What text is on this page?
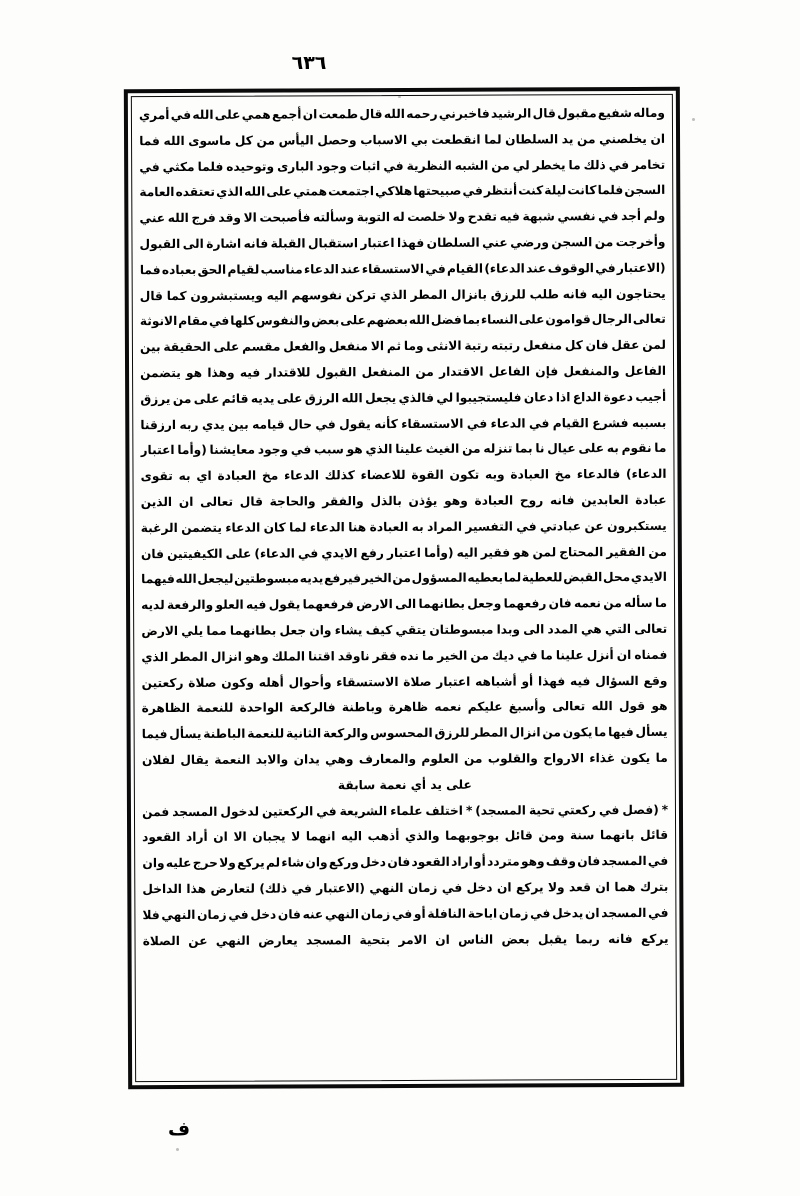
٦٣٦
وماله
شفيع
مقبول
قال
الرشيد
فاخبرني
رحمه
الله
قال
طمعت
ان
أجمع
همي
على
الله
في
أمري
ان
يخلصني
من
يد
السلطان
لما
انقطعت
بي
الاسباب
وحصل
اليأس
من
كل
ماسوى
الله
فما
تخامر
في
ذلك
ما
يخطر
لي
من
الشبه
النظرية
في
اثبات
وجود
البارى
وتوحيده
فلما
مكثي
في
السجن
فلما
كانت
ليلة
كنت
أنتظر
في
صبيحتها
هلاكي
اجتمعت
همتي
على
الله
الذي
تعتقده
العامة
ولم
أجد
في
نفسي
شبهة
فيه
تقدح
ولا
خلصت
له
التوبة
وسألته
فأصبحت
الا
وقد
فرج
الله
عني
وأخرجت
من
السجن
ورضي
عني
السلطان
فهذا
اعتبار
استقبال
القبلة
فانه
اشارة
الى
القبول
(الاعتبار
في
الوقوف
عند
الدعاء)
القيام
في
الاستسقاء
عند
الدعاء
مناسب
لقيام
الحق
بعباده
فما
يحتاجون
اليه
فانه
طلب
للرزق
بانزال
المطر
الذي
تركن
نفوسهم
اليه
ويستبشرون
كما
قال
تعالى
الرجال
قوامون
على
النساء
بما
فضل
الله
بعضهم
على
بعض
والنفوس
كلها
في
مقام
الانوثة
لمن
عقل
فان
كل
منفعل
رتبته
رتبة
الانثى
وما
ثم
الا
منفعل
والفعل
مقسم
على
الحقيقة
بين
الفاعل
والمنفعل
فإن
الفاعل
الاقتدار
من
المنفعل
القبول
للاقتدار
فيه
وهذا
هو
يتضمن
أجيب
دعوة
الداع
اذا
دعان
فليستجيبوا
لي
فالذي
يجعل
الله
الرزق
على
يديه
قائم
على
من
يرزق
بسببه
فشرع
القيام
في
الدعاء
في
الاستسقاء
كأنه
يقول
في
حال
قيامه
بين
يدي
ربه
ارزقنا
ما
نقوم
به
على
عيال
نا
بما
تنزله
من
الغيث
علينا
الذي
هو
سبب
في
وجود
معايشنا
(وأما
اعتبار
الدعاء)
فالدعاء
مخ
العبادة
وبه
تكون
القوة
للاعضاء
كذلك
الدعاء
مخ
العبادة
اي
به
تقوى
عبادة
العابدين
فانه
روح
العبادة
وهو
يؤذن
بالذل
والفقر
والحاجة
قال
تعالى
ان
الذين
يستكبرون
عن
عبادتي
في
التفسير
المراد
به
العبادة
هنا
الدعاء
لما
كان
الدعاء
يتضمن
الرغبة
من
الفقير
المحتاج
لمن
هو
فقير
اليه
(وأما
اعتبار
رفع
الايدي
في
الدعاء)
على
الكيفيتين
فان
الايدي
محل
القبض
للعطية
لما
بعطيه
المسؤول
من
الخير
فيرفع
يديه
مبسوطتين
ليجعل
الله
فيهما
ما
سأله
من
نعمه
فان
رفعهما
وجعل
بطانهما
الى
الارض
فرفعهما
يقول
فيه
العلو
والرفعة
لديه
تعالى
التي
هي
المدد
الى
وبدا
مبسوطتان
يتقي
كيف
يشاء
وان
جعل
بطانهما
مما
يلي
الارض
فمناه
ان
أنزل
علينا
ما
في
ديك
من
الخير
ما
نده
فقر
ناوقد
اقتنا
الملك
وهو
انزال
المطر
الذي
وقع
السؤال
فيه
فهذا
أو
أشباهه
اعتبار
صلاة
الاستسقاء
وأحوال
أهله
وكون
صلاة
ركعتين
هو
قول
الله
تعالى
وأسبغ
عليكم
نعمه
ظاهرة
وباطنة
فالركعة
الواحدة
للنعمة
الظاهرة
يسأل
فيها
ما
يكون
من
انزال
المطر
للرزق
المحسوس
والركعة
الثانية
للنعمة
الباطنة
يسأل
فيما
ما
يكون
غذاء
الارواح
والقلوب
من
العلوم
والمعارف
وهي
يدان
والابد
النعمة
يقال
لفلان
على يد أي نعمة سابقة
*
(فصل
في
ركعتي
تحية
المسجد)
*
اختلف
علماء
الشريعة
في
الركعتين
لدخول
المسجد
فمن
قائل
بانهما
سنة
ومن
قائل
بوجوبهما
والذي
أذهب
اليه
انهما
لا
يجبان
الا
ان
أراد
القعود
في
المسجد
فان
وقف
وهو
متردد
أو
اراد
القعود
فان
دخل
وركع
وان
شاء
لم
يركع
ولا
حرج
عليه
وان
بترك
هما
ان
قعد
ولا
يركع
ان
دخل
في
زمان
النهي
(الاعتبار
في
ذلك)
لتعارض
هذا
الداخل
في
المسجد
ان
يدخل
في
زمان
اباحة
النافلة
أو
في
زمان
النهي
عنه
فان
دخل
في
زمان
النهي
فلا
يركع
فانه
ربما
يقبل
بعض
الناس
ان
الامر
بتحية
المسجد
يعارض
النهي
عن
الصلاة
ف
